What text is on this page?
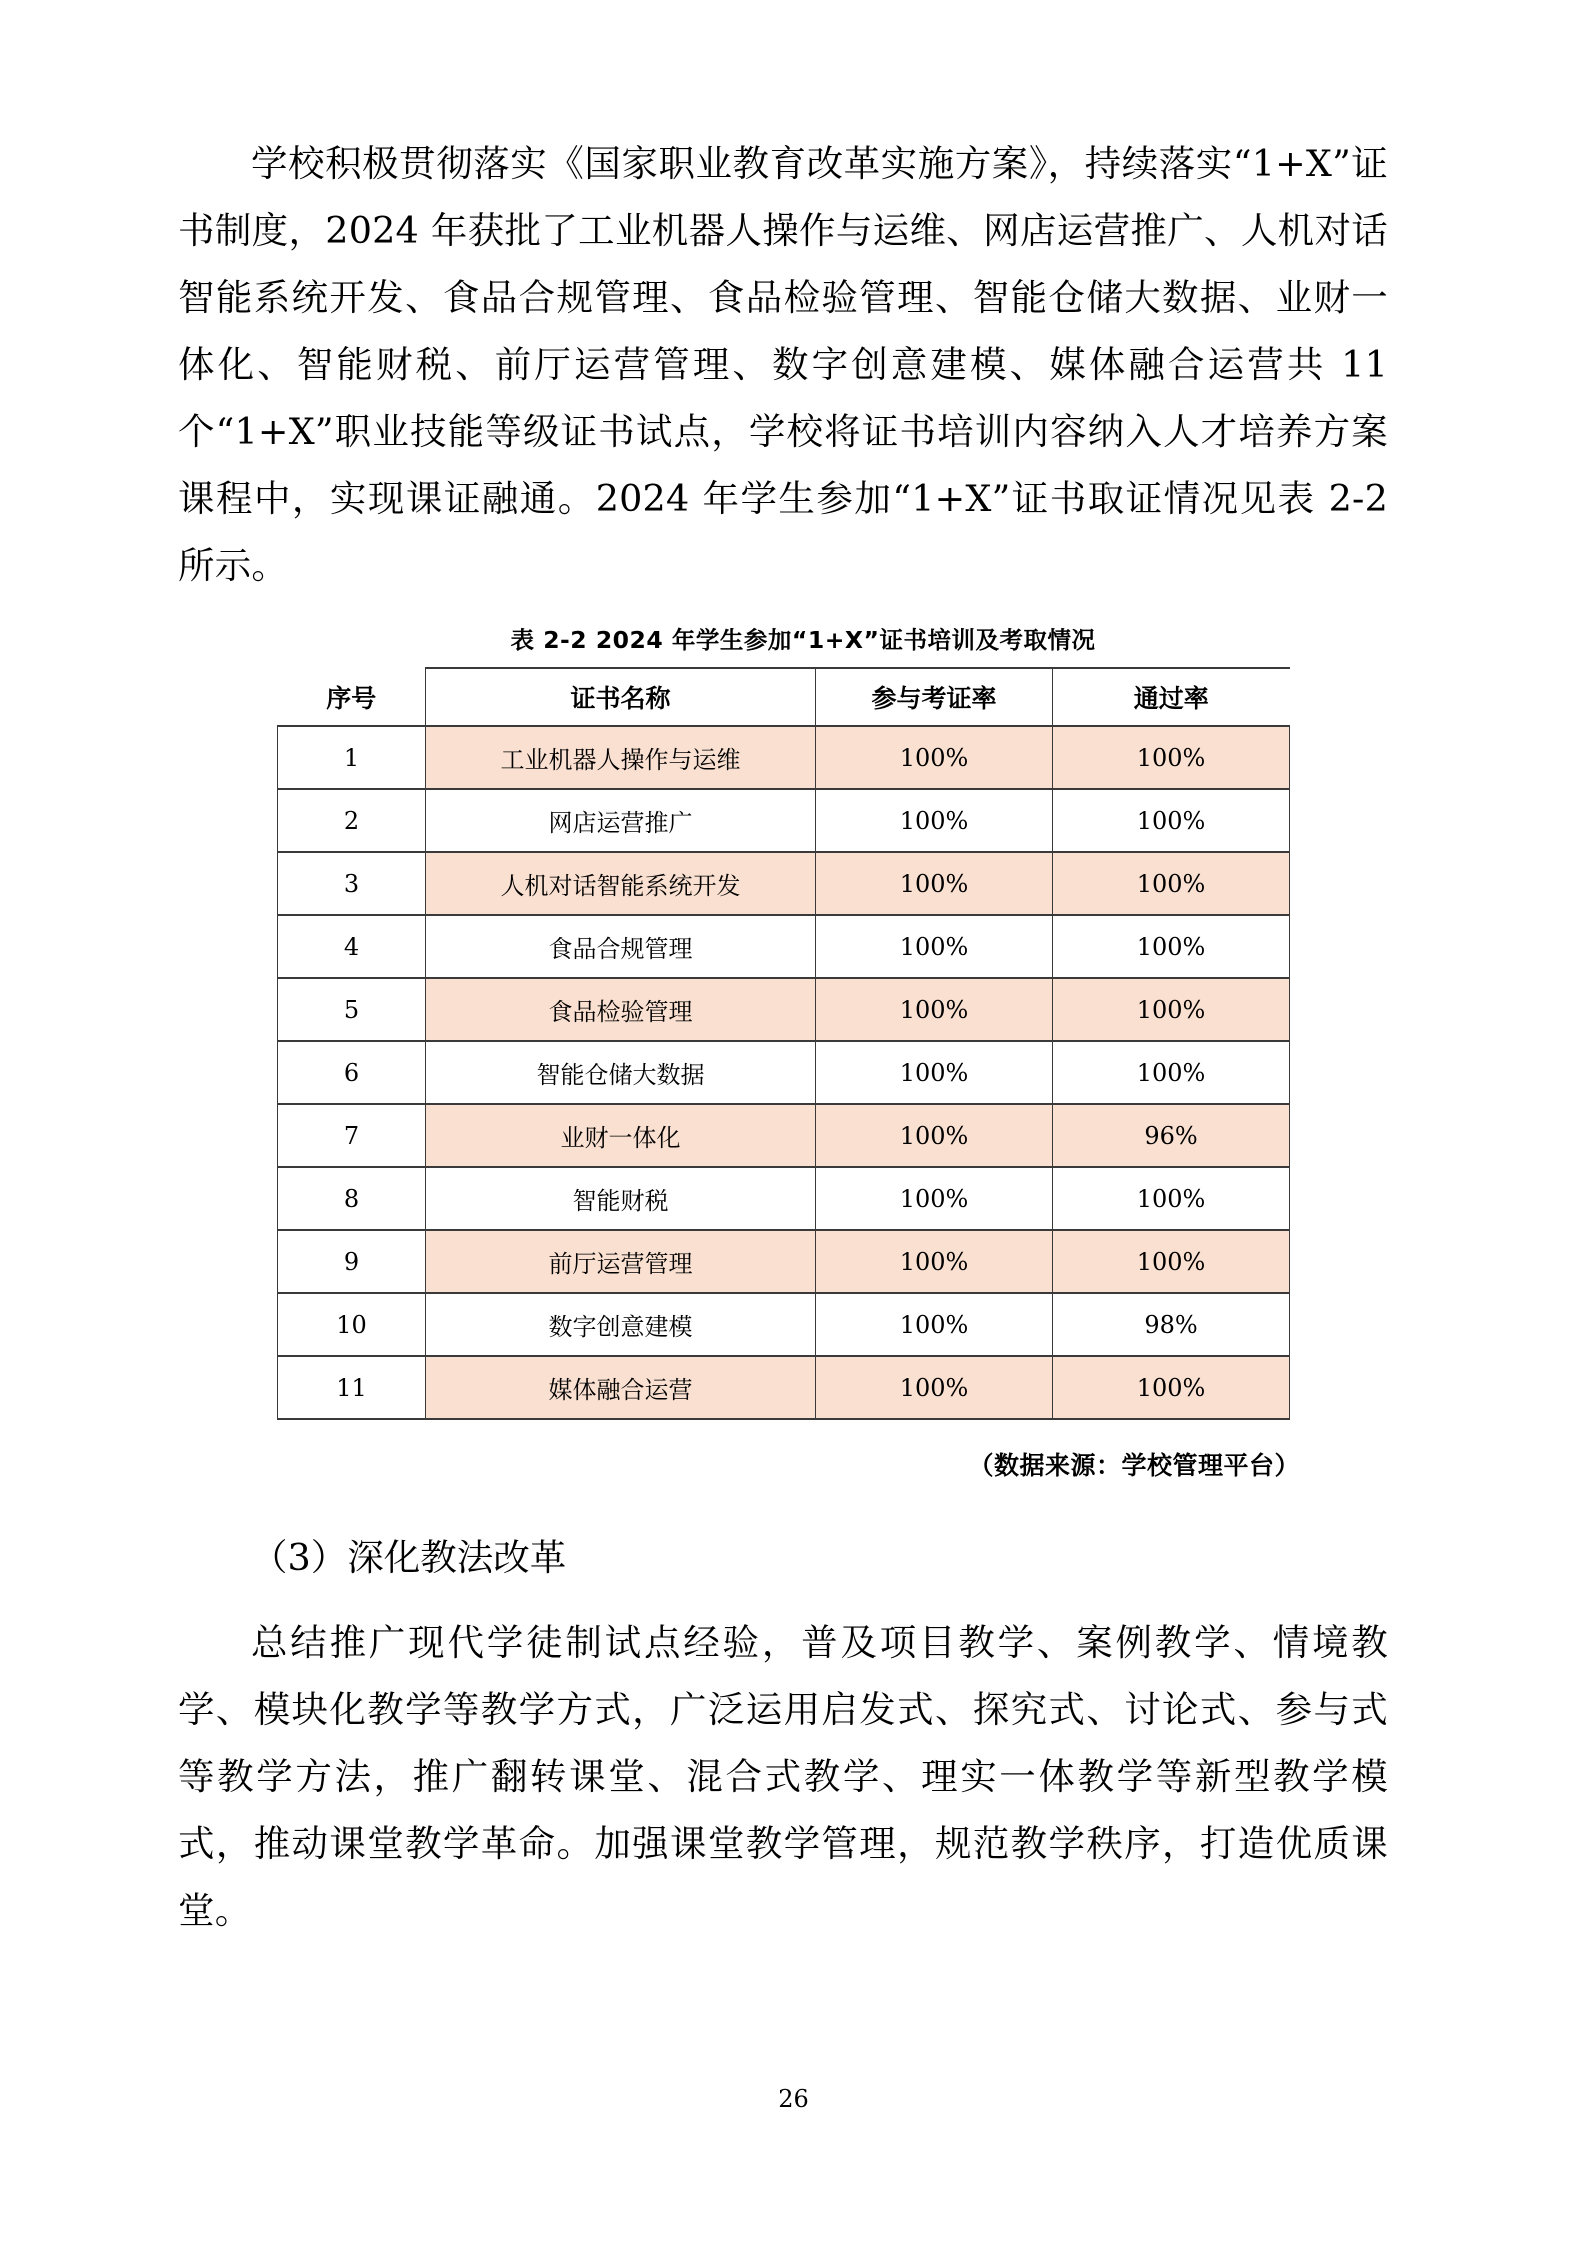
学校积极贯彻落实《国家职业教育改革实施方案》，持续落实“1+X”证书制度，2024 年获批了工业机器人操作与运维、网店运营推广、人机对话智能系统开发、食品合规管理、食品检验管理、智能仓储大数据、业财一体化、智能财税、前厅运营管理、数字创意建模、媒体融合运营共 11 个“1+X”职业技能等级证书试点，学校将证书培训内容纳入人才培养方案课程中，实现课证融通。2024 年学生参加“1+X”证书取证情况见表 2-2 所示。

表 2-2 2024 年学生参加“1+X”证书培训及考取情况
序号	证书名称	参与考证率	通过率
1	工业机器人操作与运维	100%	100%
2	网店运营推广	100%	100%
3	人机对话智能系统开发	100%	100%
4	食品合规管理	100%	100%
5	食品检验管理	100%	100%
6	智能仓储大数据	100%	100%
7	业财一体化	100%	96%
8	智能财税	100%	100%
9	前厅运营管理	100%	100%
10	数字创意建模	100%	98%
11	媒体融合运营	100%	100%
（数据来源：学校管理平台）

（3）深化教法改革

总结推广现代学徒制试点经验，普及项目教学、案例教学、情境教学、模块化教学等教学方式，广泛运用启发式、探究式、讨论式、参与式等教学方法，推广翻转课堂、混合式教学、理实一体教学等新型教学模式，推动课堂教学革命。加强课堂教学管理，规范教学秩序，打造优质课堂。

26
